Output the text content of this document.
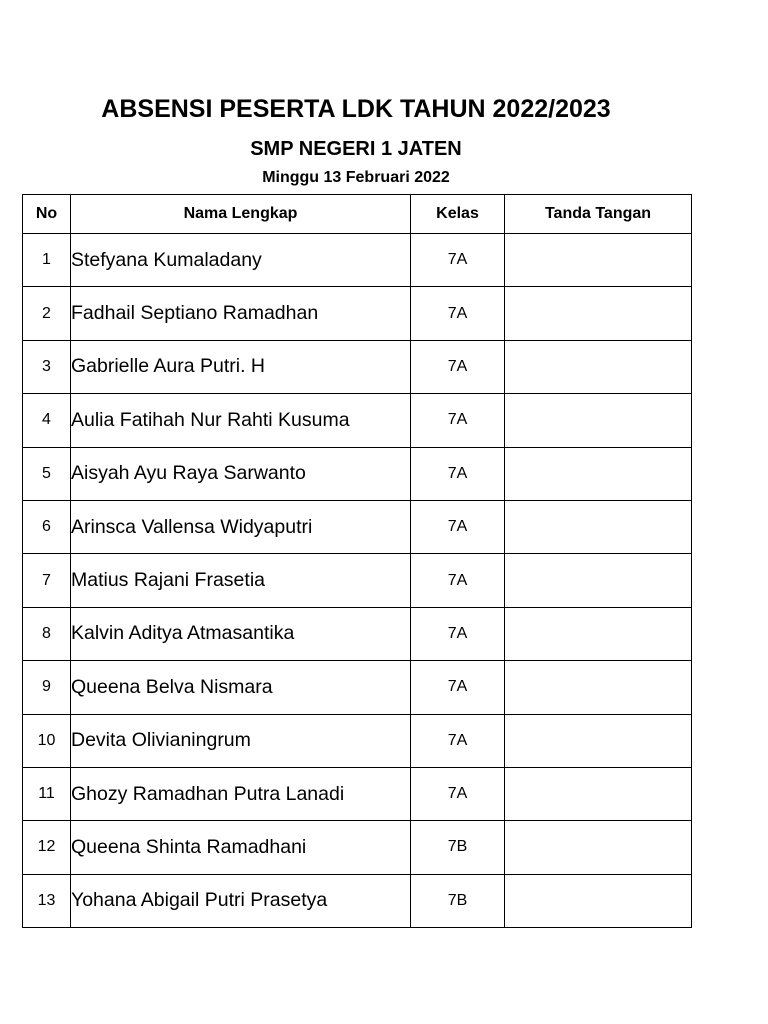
ABSENSI PESERTA LDK TAHUN 2022/2023
SMP NEGERI 1 JATEN
Minggu 13 Februari 2022
No	Nama Lengkap	Kelas	Tanda Tangan
1	Stefyana Kumaladany	7A	
2	Fadhail Septiano Ramadhan	7A	
3	Gabrielle Aura Putri. H	7A	
4	Aulia Fatihah Nur Rahti Kusuma	7A	
5	Aisyah Ayu Raya Sarwanto	7A	
6	Arinsca Vallensa Widyaputri	7A	
7	Matius Rajani Frasetia	7A	
8	Kalvin Aditya Atmasantika	7A	
9	Queena Belva Nismara	7A	
10	Devita Olivianingrum	7A	
11	Ghozy Ramadhan Putra Lanadi	7A	
12	Queena Shinta Ramadhani	7B	
13	Yohana Abigail Putri Prasetya	7B	
